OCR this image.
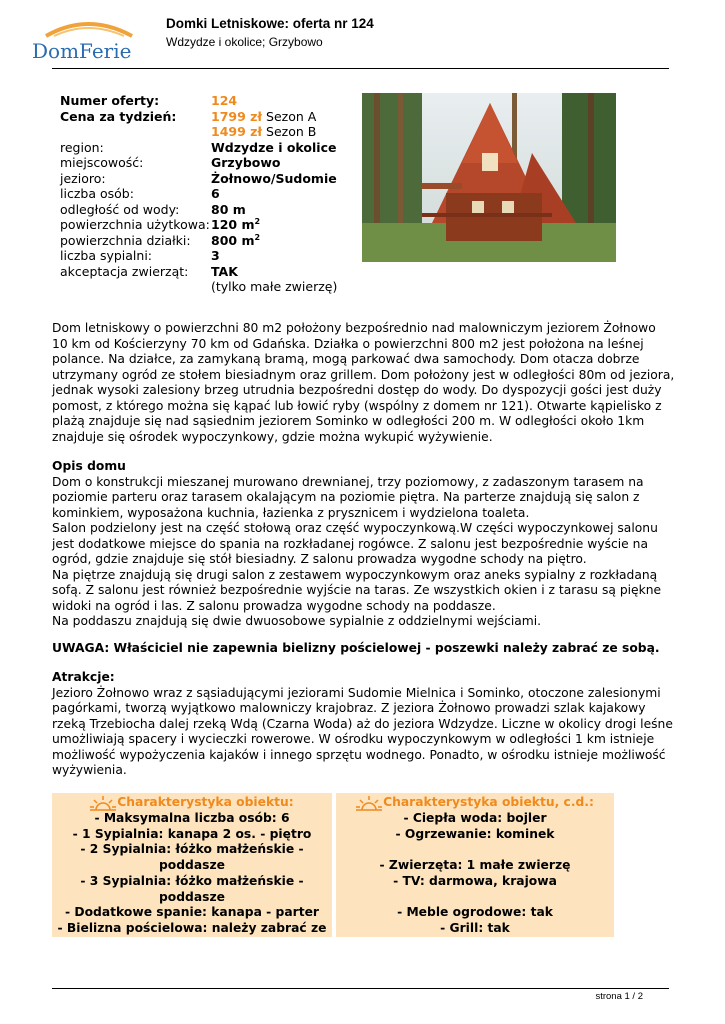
DomFerie
Domki Letniskowe: oferta nr 124
Wdzydze i okolice; Grzybowo
Numer oferty:	124
Cena za tydzień:	1799 zł Sezon A
1499 zł Sezon B
region:	Wdzydze i okolice
miejscowość:	Grzybowo
jezioro:	Żołnowo/Sudomie
liczba osób:	6
odległość od wody:	80 m
powierzchnia użytkowa: 120 $m^2$
powierzchnia działki:	800 $m^2$
liczba sypialni:	3
akceptacja zwierząt:	TAK
(tylko małe zwierzę)
Dom letniskowy o powierzchni 80 m2 położony bezpośrednio nad malowniczym jeziorem Żołnowo
10 km od Kościerzyny 70 km od Gdańska. Działka o powierzchni 800 m2 jest położona na leśnej
polance. Na działce, za zamykaną bramą, mogą parkować dwa samochody. Dom otacza dobrze
utrzymany ogród ze stołem biesiadnym oraz grillem. Dom położony jest w odległości 80m od jeziora,
jednak wysoki zalesiony brzeg utrudnia bezpośredni dostęp do wody. Do dyspozycji gości jest duży
pomost, z którego można się kąpać lub łowić ryby (wspólny z domem nr 121). Otwarte kąpielisko z
plażą znajduje się nad sąsiednim jeziorem Sominko w odległości 200 m. W odległości około 1km
znajduje się ośrodek wypoczynkowy, gdzie można wykupić wyżywienie.
Opis domu
Dom o konstrukcji mieszanej murowano drewnianej, trzy poziomowy, z zadaszonym tarasem na
poziomie parteru oraz tarasem okalającym na poziomie piętra. Na parterze znajdują się salon z
kominkiem, wyposażona kuchnia, łazienka z prysznicem i wydzielona toaleta.
Salon podzielony jest na część stołową oraz część wypoczynkową.W części wypoczynkowej salonu
jest dodatkowe miejsce do spania na rozkładanej rogówce. Z salonu jest bezpośrednie wyście na
ogród, gdzie znajduje się stół biesiadny. Z salonu prowadza wygodne schody na piętro.
Na piętrze znajdują się drugi salon z zestawem wypoczynkowym oraz aneks sypialny z rozkładaną
sofą. Z salonu jest również bezpośrednie wyjście na taras. Ze wszystkich okien i z tarasu są piękne
widoki na ogród i las. Z salonu prowadza wygodne schody na poddasze.
Na poddaszu znajdują się dwie dwuosobowe sypialnie z oddzielnymi wejściami.
UWAGA: Właściciel nie zapewnia bielizny pościelowej - poszewki należy zabrać ze sobą.
Atrakcje:
Jezioro Żołnowo wraz z sąsiadującymi jeziorami Sudomie Mielnica i Sominko, otoczone zalesionymi
pagórkami, tworzą wyjątkowo malowniczy krajobraz. Z jeziora Żołnowo prowadzi szlak kajakowy
rzeką Trzebiocha dalej rzeką Wdą (Czarna Woda) aż do jeziora Wdzydze. Liczne w okolicy drogi leśne
umożliwiają spacery i wycieczki rowerowe. W ośrodku wypoczynkowym w odległości 1 km istnieje
możliwość wypożyczenia kajaków i innego sprzętu wodnego. Ponadto, w ośrodku istnieje możliwość
wyżywienia.
Charakterystyka obiektu:
- Maksymalna liczba osób: 6
- 1 Sypialnia: kanapa 2 os. - piętro
- 2 Sypialnia: łóżko małżeńskie -
poddasze
- 3 Sypialnia: łóżko małżeńskie -
poddasze
- Dodatkowe spanie: kanapa - parter
- Bielizna pościelowa: należy zabrać ze
Charakterystyka obiektu, c.d.:
- Ciepła woda: bojler
- Ogrzewanie: kominek

- Zwierzęta: 1 małe zwierzę
- TV: darmowa, krajowa

- Meble ogrodowe: tak
- Grill: tak
strona 1 / 2
